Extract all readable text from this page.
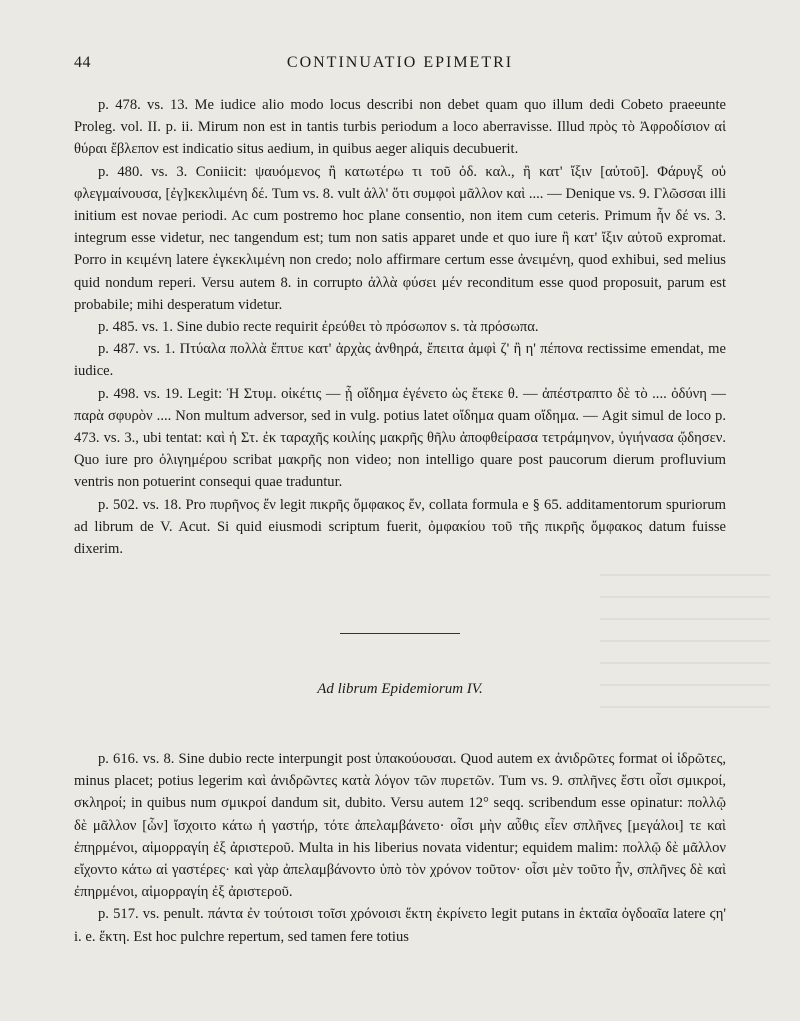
44	CONTINUATIO EPIMETRI

p. 478. vs. 13. Me iudice alio modo locus describi non debet quam quo illum dedi Cobeto praeeunte Proleg. vol. II. p. ii. Mirum non est in tantis turbis periodum a loco aberravisse. Illud πρὸς τὸ Ἀφροδίσιον αἱ θύραι ἔβλεπον est indicatio situs aedium, in quibus aeger aliquis decubuerit.

p. 480. vs. 3. Coniicit: ψαυόμενος ἢ κατωτέρω τι τοῦ ὀδ. καλ., ἢ κατ' ἴξιν [αὐτοῦ]. Φάρυγξ οὐ φλεγμαίνουσα, [ἐγ]κεκλιμένη δέ. Tum vs. 8. vult ἀλλ' ὅτι συμφοὶ μᾶλλον καὶ .... — Denique vs. 9. Γλῶσσαι illi initium est novae periodi. Ac cum postremo hoc plane consentio, non item cum ceteris. Primum ἦν δέ vs. 3. integrum esse videtur, nec tangendum est; tum non satis apparet unde et quo iure ἢ κατ' ἴξιν αὐτοῦ expromat. Porro in κειμένη latere ἐγκεκλιμένη non credo; nolo affirmare certum esse ἀνειμένη, quod exhibui, sed melius quid nondum reperi. Versu autem 8. in corrupto ἀλλὰ φύσει μέν reconditum esse quod proposuit, parum est probabile; mihi desperatum videtur.

p. 485. vs. 1. Sine dubio recte requirit ἐρεύθει τὸ πρόσωπον s. τὰ πρόσωπα.

p. 487. vs. 1. Πτύαλα πολλὰ ἔπτυε κατ' ἀρχὰς ἀνθηρά, ἔπειτα ἀμφὶ ζ' ἢ η' πέπονα rectissime emendat, me iudice.

p. 498. vs. 19. Legit: Ἡ Στυμ. οἰκέτις — ᾗ οἴδημα ἐγένετο ὡς ἔτεκε θ. — ἀπέστραπτο δὲ τὸ .... ὀδύνη — παρὰ σφυρὸν .... Non multum adversor, sed in vulg. potius latet οἴδημα quam οἴδημα. — Agit simul de loco p. 473. vs. 3., ubi tentat: καὶ ἡ Στ. ἐκ ταραχῆς κοιλίης μακρῆς θῆλυ ἀποφθείρασα τετράμηνον, ὑγιήνασα ᾤδησεν. Quo iure pro ὀλιγημέρου scribat μακρῆς non video; non intelligo quare post paucorum dierum profluvium ventris non potuerint consequi quae traduntur.

p. 502. vs. 18. Pro πυρῆνος ἔν legit πικρῆς ὄμφακος ἔν, collata formula e § 65. additamentorum spuriorum ad librum de V. Acut. Si quid eiusmodi scriptum fuerit, ὀμφακίου τοῦ τῆς πικρῆς ὄμφακος datum fuisse dixerim.

Ad librum Epidemiorum IV.

p. 616. vs. 8. Sine dubio recte interpungit post ὑπακούουσαι. Quod autem ex ἀνιδρῶτες format οἱ ἰδρῶτες, minus placet; potius legerim καὶ ἀνιδρῶντες κατὰ λόγον τῶν πυρετῶν. Tum vs. 9. σπλῆνες ἔστι οἷσι σμικροί, σκληροί; in quibus num σμικροί dandum sit, dubito. Versu autem 12° seqq. scribendum esse opinatur: πολλῷ δὲ μᾶλλον [ὧν] ἴσχοιτο κάτω ἡ γαστήρ, τότε ἀπελαμβάνετο· οἷσι μὴν αὖθις εἶεν σπλῆνες [μεγάλοι] τε καὶ ἐπηρμένοι, αἱμορραγίη ἐξ ἀριστεροῦ. Multa in his liberius novata videntur; equidem malim: πολλῷ δὲ μᾶλλον εἴχοντο κάτω αἱ γαστέρες· καὶ γὰρ ἀπελαμβάνοντο ὑπὸ τὸν χρόνον τοῦτον· οἷσι μὲν τοῦτο ἦν, σπλῆνες δὲ καὶ ἐπηρμένοι, αἱμορραγίη ἐξ ἀριστεροῦ.

p. 517. vs. penult. πάντα ἐν τούτοισι τοῖσι χρόνοισι ἕκτη ἐκρίνετο legit putans in ἑκταῖα ὀγδοαῖα latere ϛη' i. e. ἕκτη. Est hoc pulchre repertum, sed tamen fere totius
